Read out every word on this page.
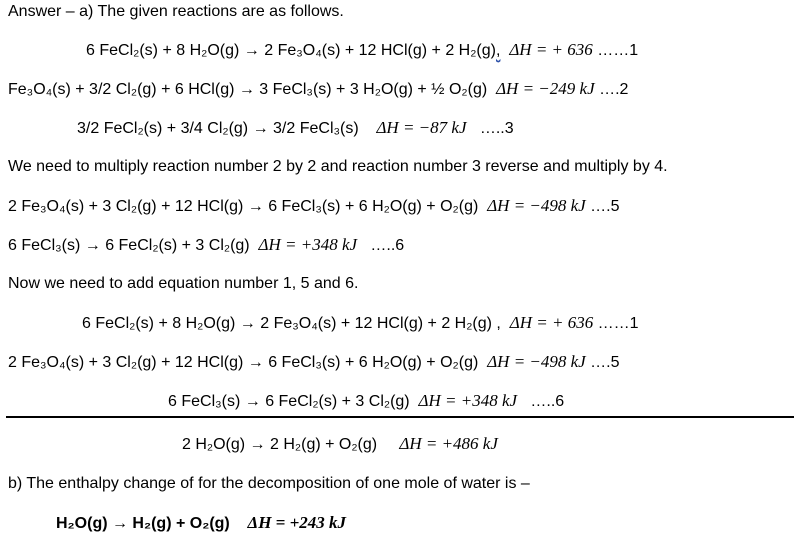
Answer – a) The given reactions are as follows.
6 FeCl₂(s) + 8 H₂O(g) → 2 Fe₃O₄(s) + 12 HCl(g) + 2 H₂(g), ΔH = + 636 ……1
Fe₃O₄(s) + 3/2 Cl₂(g) + 6 HCl(g) → 3 FeCl₃(s) + 3 H₂O(g) + ½ O₂(g) ΔH = −249 kJ ….2
3/2 FeCl₂(s) + 3/4 Cl₂(g) → 3/2 FeCl₃(s) ΔH = −87 kJ   …..3
We need to multiply reaction number 2 by 2 and reaction number 3 reverse and multiply by 4.
2 Fe₃O₄(s) + 3 Cl₂(g) + 12 HCl(g) → 6 FeCl₃(s) + 6 H₂O(g) + O₂(g) ΔH = −498 kJ ….5
6 FeCl₃(s) → 6 FeCl₂(s) + 3 Cl₂(g) ΔH = +348 kJ   …..6
Now we need to add equation number 1, 5 and 6.
6 FeCl₂(s) + 8 H₂O(g) → 2 Fe₃O₄(s) + 12 HCl(g) + 2 H₂(g) , ΔH = + 636 ……1
2 Fe₃O₄(s) + 3 Cl₂(g) + 12 HCl(g) → 6 FeCl₃(s) + 6 H₂O(g) + O₂(g) ΔH = −498 kJ ….5
6 FeCl₃(s) → 6 FeCl₂(s) + 3 Cl₂(g) ΔH = +348 kJ   …..6
2 H₂O(g) → 2 H₂(g) + O₂(g) ΔH = +486 kJ
b) The enthalpy change of for the decomposition of one mole of water is –
H₂O(g) → H₂(g) + O₂(g) ΔH = +243 kJ
